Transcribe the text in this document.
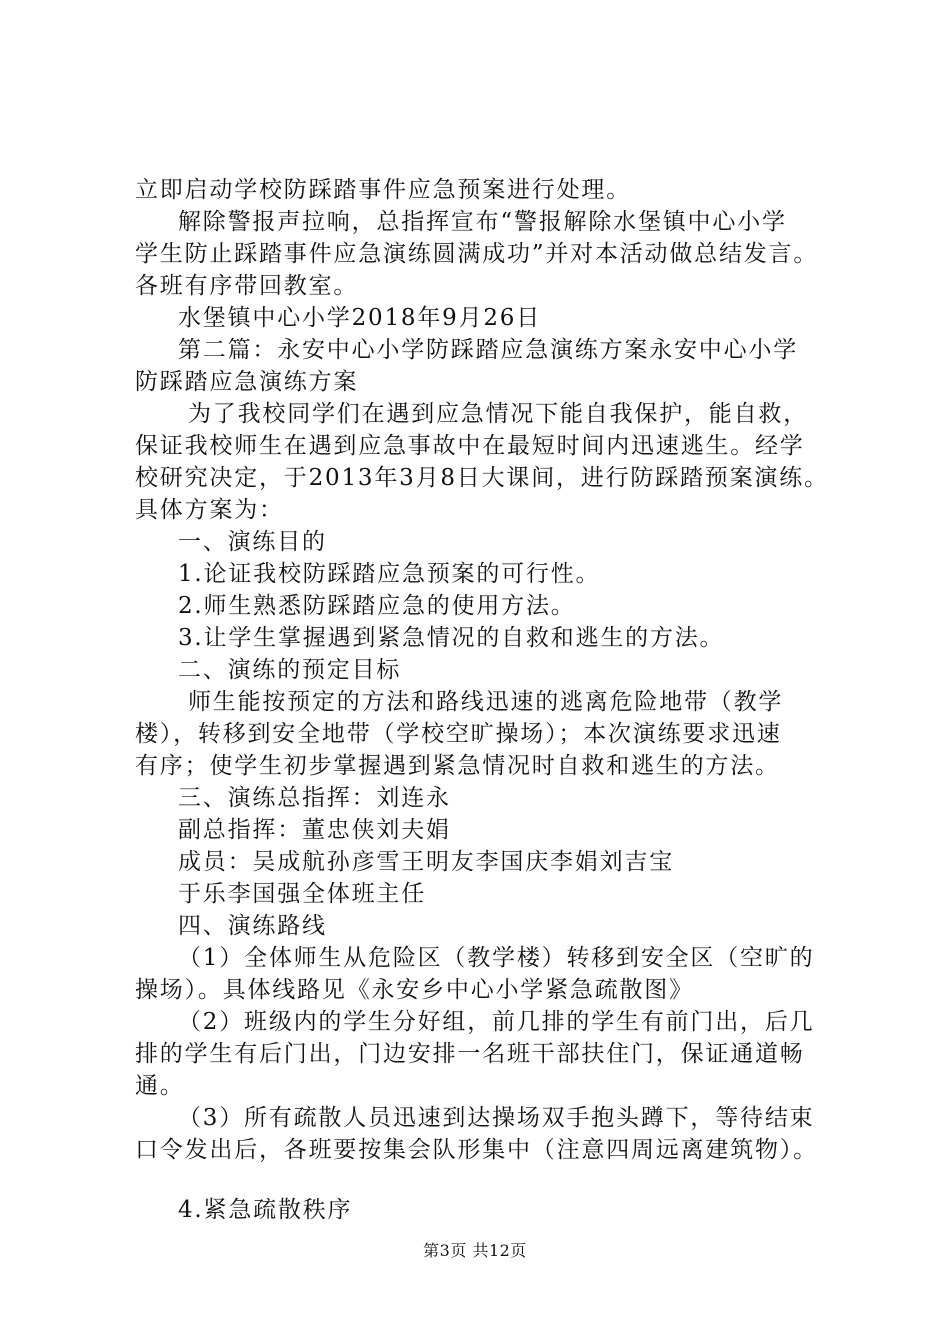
立即启动学校防踩踏事件应急预案进行处理。
解除警报声拉响，总指挥宣布“警报解除水堡镇中心小学
学生防止踩踏事件应急演练圆满成功”并对本活动做总结发言。
各班有序带回教室。
水堡镇中心小学2018年9月26日
第二篇：永安中心小学防踩踏应急演练方案永安中心小学
防踩踏应急演练方案
为了我校同学们在遇到应急情况下能自我保护，能自救，
保证我校师生在遇到应急事故中在最短时间内迅速逃生。经学
校研究决定，于2013年3月8日大课间，进行防踩踏预案演练。
具体方案为：
一、演练目的
1.论证我校防踩踏应急预案的可行性。
2.师生熟悉防踩踏应急的使用方法。
3.让学生掌握遇到紧急情况的自救和逃生的方法。
二、演练的预定目标
师生能按预定的方法和路线迅速的逃离危险地带（教学
楼），转移到安全地带（学校空旷操场）；本次演练要求迅速
有序；使学生初步掌握遇到紧急情况时自救和逃生的方法。
三、演练总指挥：刘连永
副总指挥：董忠侠刘夫娟
成员：吴成航孙彦雪王明友李国庆李娟刘吉宝
于乐李国强全体班主任
四、演练路线
（1）全体师生从危险区（教学楼）转移到安全区（空旷的
操场）。具体线路见《永安乡中心小学紧急疏散图》
（2）班级内的学生分好组，前几排的学生有前门出，后几
排的学生有后门出，门边安排一名班干部扶住门，保证通道畅
通。
（3）所有疏散人员迅速到达操场双手抱头蹲下，等待结束
口令发出后，各班要按集会队形集中（注意四周远离建筑物）。
4.紧急疏散秩序
第3页 共12页
